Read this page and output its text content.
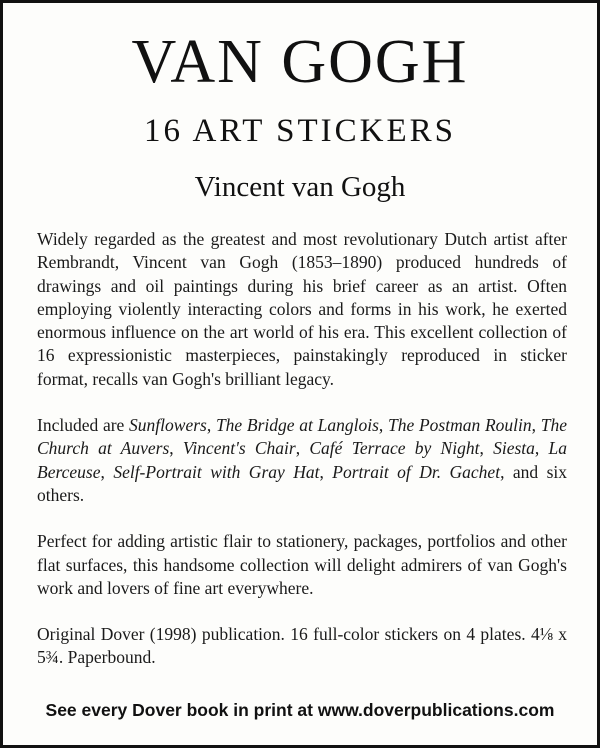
VAN GOGH
16 ART STICKERS
Vincent van Gogh

Widely regarded as the greatest and most revolutionary Dutch artist after Rembrandt, Vincent van Gogh (1853–1890) produced hundreds of drawings and oil paintings during his brief career as an artist. Often employing violently interacting colors and forms in his work, he exerted enormous influence on the art world of his era. This excellent collection of 16 expressionistic masterpieces, painstakingly reproduced in sticker format, recalls van Gogh's brilliant legacy.

Included are Sunflowers, The Bridge at Langlois, The Postman Roulin, The Church at Auvers, Vincent's Chair, Café Terrace by Night, Siesta, La Berceuse, Self-Portrait with Gray Hat, Portrait of Dr. Gachet, and six others.

Perfect for adding artistic flair to stationery, packages, portfolios and other flat surfaces, this handsome collection will delight admirers of van Gogh's work and lovers of fine art everywhere.

Original Dover (1998) publication. 16 full-color stickers on 4 plates. 4⅛ x 5¾. Paperbound.

See every Dover book in print at www.doverpublications.com
